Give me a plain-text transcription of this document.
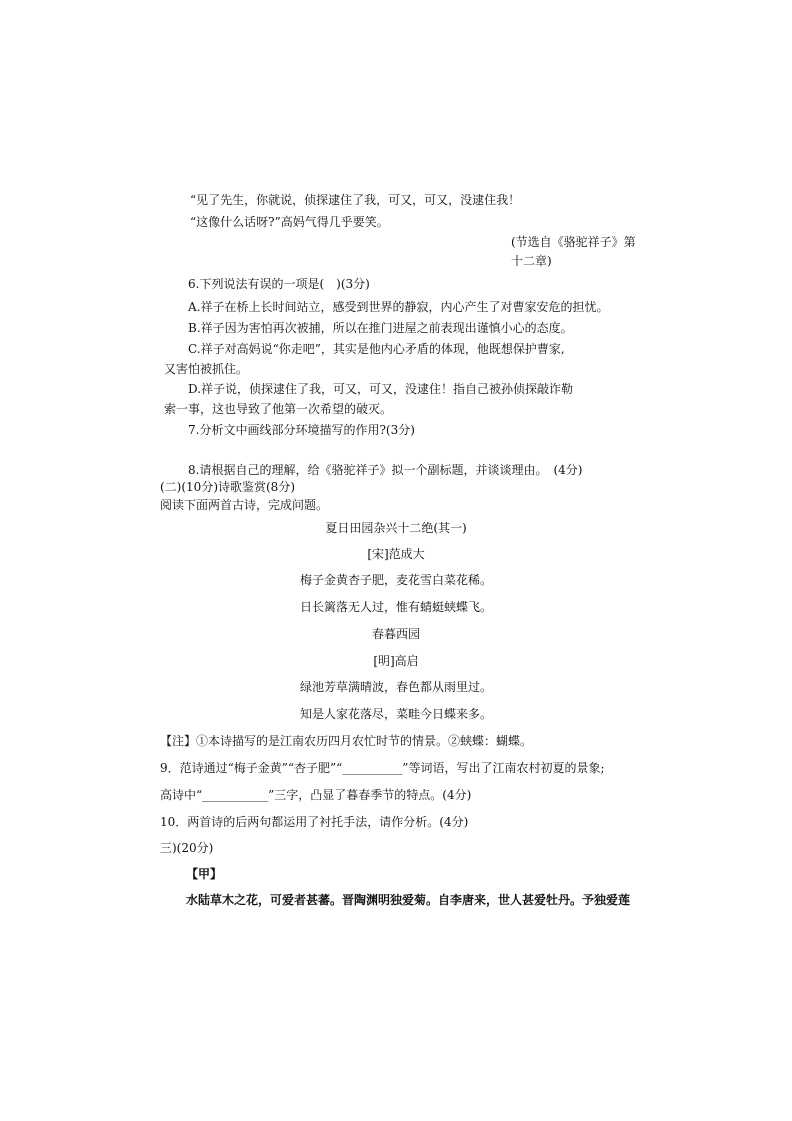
“见了先生，你就说，侦探逮住了我，可又，可又，没逮住我！
“这像什么话呀?”高妈气得几乎要笑。
(节选自《骆驼祥子》第
十二章)
6.下列说法有误的一项是(　)(3分)
A.祥子在桥上长时间站立，感受到世界的静寂，内心产生了对曹家安危的担忧。
B.祥子因为害怕再次被捕，所以在推门进屋之前表现出谨慎小心的态度。
C.祥子对高妈说“你走吧”，其实是他内心矛盾的体现，他既想保护曹家,
又害怕被抓住。
D.祥子说，侦探逮住了我，可又，可又，没逮住！指自己被孙侦探敲诈勒
索一事，这也导致了他第一次希望的破灭。
7.分析文中画线部分环境描写的作用?(3分)
8.请根据自己的理解，给《骆驼祥子》拟一个副标题，并谈谈理由。　(4分)
(二)(10分)诗歌鉴赏(8分)
阅读下面两首古诗，完成问题。
夏日田园杂兴十二绝(其一)
[宋]范成大
梅子金黄杏子肥，麦花雪白菜花稀。
日长篱落无人过，惟有蜻蜓蛱蝶飞。
春暮西园
[明]高启
绿池芳草满晴波，春色都从雨里过。
知是人家花落尽，菜畦今日蝶来多。
【注】①本诗描写的是江南农历四月农忙时节的情景。②蛱蝶：蝴蝶。
9．范诗通过“梅子金黄”“杏子肥”“__________”等词语，写出了江南农村初夏的景象;
高诗中“___________”三字，凸显了暮春季节的特点。(4分)
10．两首诗的后两句都运用了衬托手法，请作分析。(4分)
三)(20分)
【甲】
水陆草木之花，可爱者甚蕃。晋陶渊明独爱菊。自李唐来，世人甚爱牡丹。予独爱莲
